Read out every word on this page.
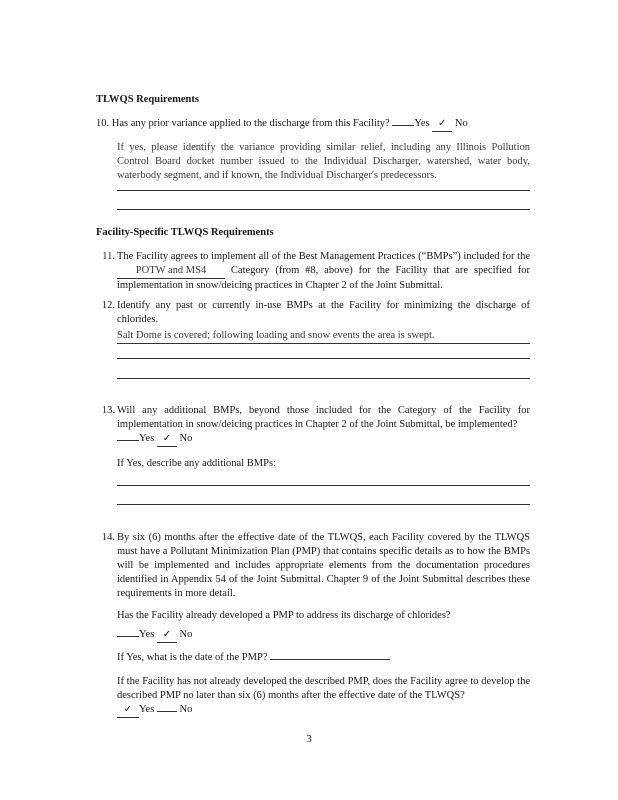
TLWQS Requirements
10. Has any prior variance applied to the discharge from this Facility? Yes ✓ No
If yes, please identify the variance providing similar relief, including any Illinois Pollution Control Board docket number issued to the Individual Discharger, watershed, water body, waterbody segment, and if known, the Individual Discharger's predecessors.
Facility-Specific TLWQS Requirements
11. The Facility agrees to implement all of the Best Management Practices (“BMPs”) included for the POTW and MS4 Category (from #8, above) for the Facility that are specified for implementation in snow/deicing practices in Chapter 2 of the Joint Submittal.
12. Identify any past or currently in-use BMPs at the Facility for minimizing the discharge of chlorides.
Salt Dome is covered; following loading and snow events the area is swept.
13. Will any additional BMPs, beyond those included for the Category of the Facility for implementation in snow/deicing practices in Chapter 2 of the Joint Submittal, be implemented?
Yes ✓ No
If Yes, describe any additional BMPs:
14. By six (6) months after the effective date of the TLWQS, each Facility covered by the TLWQS must have a Pollutant Minimization Plan (PMP) that contains specific details as to how the BMPs will be implemented and includes appropriate elements from the documentation procedures identified in Appendix 54 of the Joint Submittal. Chapter 9 of the Joint Submittal describes these requirements in more detail.
Has the Facility already developed a PMP to address its discharge of chlorides?
Yes ✓ No
If Yes, what is the date of the PMP?
If the Facility has not already developed the described PMP, does the Facility agree to develop the described PMP no later than six (6) months after the effective date of the TLWQS?
✓ Yes No
3
